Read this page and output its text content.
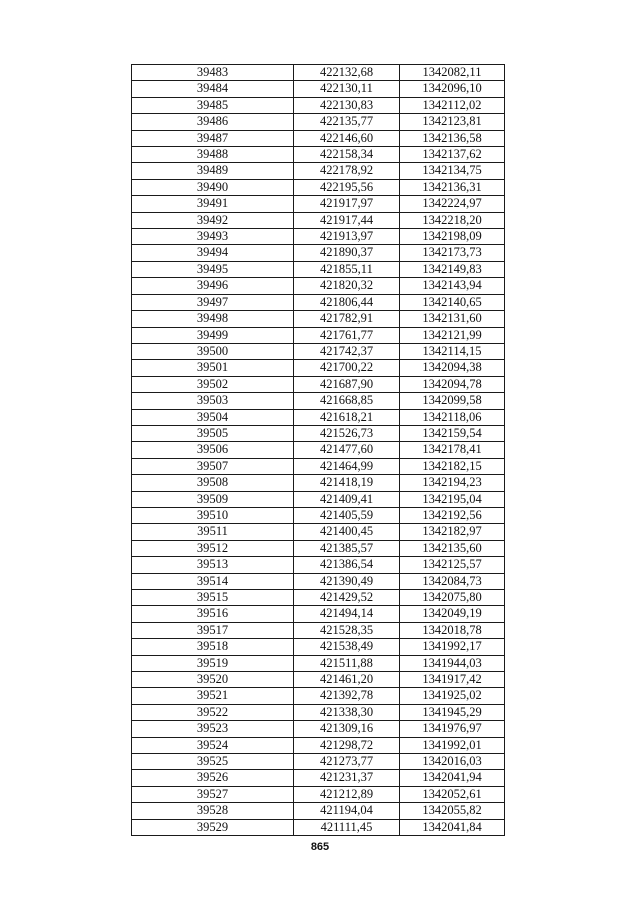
39483	422132,68	1342082,11
39484	422130,11	1342096,10
39485	422130,83	1342112,02
39486	422135,77	1342123,81
39487	422146,60	1342136,58
39488	422158,34	1342137,62
39489	422178,92	1342134,75
39490	422195,56	1342136,31
39491	421917,97	1342224,97
39492	421917,44	1342218,20
39493	421913,97	1342198,09
39494	421890,37	1342173,73
39495	421855,11	1342149,83
39496	421820,32	1342143,94
39497	421806,44	1342140,65
39498	421782,91	1342131,60
39499	421761,77	1342121,99
39500	421742,37	1342114,15
39501	421700,22	1342094,38
39502	421687,90	1342094,78
39503	421668,85	1342099,58
39504	421618,21	1342118,06
39505	421526,73	1342159,54
39506	421477,60	1342178,41
39507	421464,99	1342182,15
39508	421418,19	1342194,23
39509	421409,41	1342195,04
39510	421405,59	1342192,56
39511	421400,45	1342182,97
39512	421385,57	1342135,60
39513	421386,54	1342125,57
39514	421390,49	1342084,73
39515	421429,52	1342075,80
39516	421494,14	1342049,19
39517	421528,35	1342018,78
39518	421538,49	1341992,17
39519	421511,88	1341944,03
39520	421461,20	1341917,42
39521	421392,78	1341925,02
39522	421338,30	1341945,29
39523	421309,16	1341976,97
39524	421298,72	1341992,01
39525	421273,77	1342016,03
39526	421231,37	1342041,94
39527	421212,89	1342052,61
39528	421194,04	1342055,82
39529	421111,45	1342041,84
865
